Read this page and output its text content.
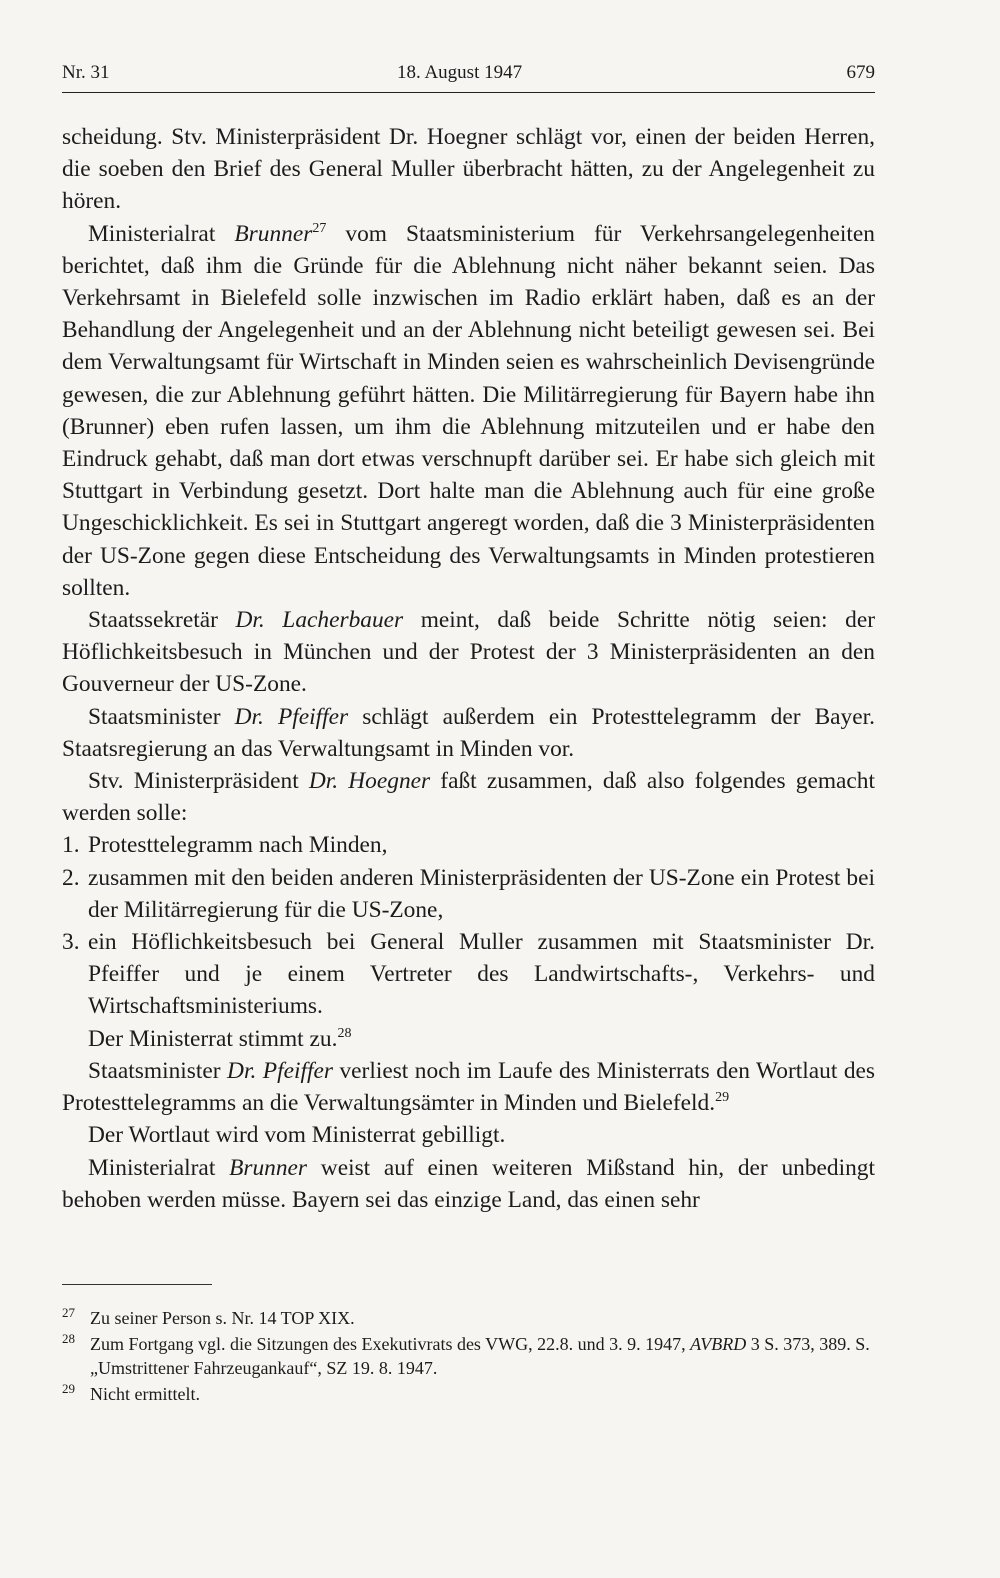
Nr. 31	18. August 1947	679

scheidung. Stv. Ministerpräsident Dr. Hoegner schlägt vor, einen der beiden Herren, die soeben den Brief des General Muller überbracht hätten, zu der Angelegenheit zu hören.

Ministerialrat Brunner$^{27}$ vom Staatsministerium für Verkehrsangelegenheiten berichtet, daß ihm die Gründe für die Ablehnung nicht näher bekannt seien. Das Verkehrsamt in Bielefeld solle inzwischen im Radio erklärt haben, daß es an der Behandlung der Angelegenheit und an der Ablehnung nicht beteiligt gewesen sei. Bei dem Verwaltungsamt für Wirtschaft in Minden seien es wahrscheinlich Devisengründe gewesen, die zur Ablehnung geführt hätten. Die Militärregierung für Bayern habe ihn (Brunner) eben rufen lassen, um ihm die Ablehnung mitzuteilen und er habe den Eindruck gehabt, daß man dort etwas verschnupft darüber sei. Er habe sich gleich mit Stuttgart in Verbindung gesetzt. Dort halte man die Ablehnung auch für eine große Ungeschicklichkeit. Es sei in Stuttgart angeregt worden, daß die 3 Ministerpräsidenten der US-Zone gegen diese Entscheidung des Verwaltungsamts in Minden protestieren sollten.

Staatssekretär Dr. Lacherbauer meint, daß beide Schritte nötig seien: der Höflichkeitsbesuch in München und der Protest der 3 Ministerpräsidenten an den Gouverneur der US-Zone.

Staatsminister Dr. Pfeiffer schlägt außerdem ein Protesttelegramm der Bayer. Staatsregierung an das Verwaltungsamt in Minden vor.

Stv. Ministerpräsident Dr. Hoegner faßt zusammen, daß also folgendes gemacht werden solle:

1. Protesttelegramm nach Minden,
2. zusammen mit den beiden anderen Ministerpräsidenten der US-Zone ein Protest bei der Militärregierung für die US-Zone,
3. ein Höflichkeitsbesuch bei General Muller zusammen mit Staatsminister Dr. Pfeiffer und je einem Vertreter des Landwirtschafts-, Verkehrs- und Wirtschaftsministeriums.

Der Ministerrat stimmt zu.$^{28}$

Staatsminister Dr. Pfeiffer verliest noch im Laufe des Ministerrats den Wortlaut des Protesttelegramms an die Verwaltungsämter in Minden und Bielefeld.$^{29}$

Der Wortlaut wird vom Ministerrat gebilligt.

Ministerialrat Brunner weist auf einen weiteren Mißstand hin, der unbedingt behoben werden müsse. Bayern sei das einzige Land, das einen sehr

27 Zu seiner Person s. Nr. 14 TOP XIX.
28 Zum Fortgang vgl. die Sitzungen des Exekutivrats des VWG, 22.8. und 3. 9. 1947, AVBRD 3 S. 373, 389. S. „Umstrittener Fahrzeugankauf“, SZ 19. 8. 1947.
29 Nicht ermittelt.
